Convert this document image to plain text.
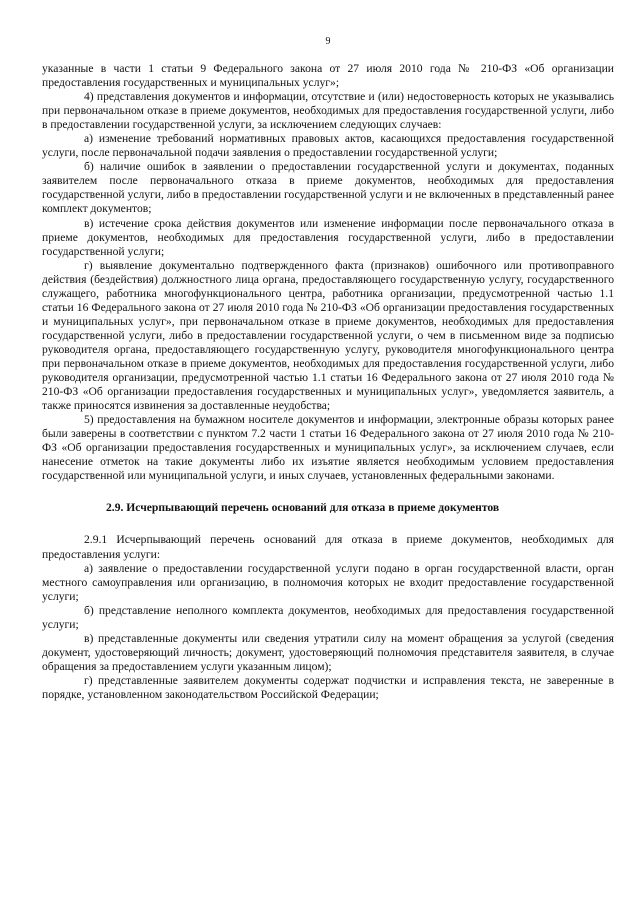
9

указанные в части 1 статьи 9 Федерального закона от 27 июля 2010 года № 210-ФЗ «Об организации предоставления государственных и муниципальных услуг»;

4) представления документов и информации, отсутствие и (или) недостоверность которых не указывались при первоначальном отказе в приеме документов, необходимых для предоставления государственной услуги, либо в предоставлении государственной услуги, за исключением следующих случаев:

а) изменение требований нормативных правовых актов, касающихся предоставления государственной услуги, после первоначальной подачи заявления о предоставлении государственной услуги;

б) наличие ошибок в заявлении о предоставлении государственной услуги и документах, поданных заявителем после первоначального отказа в приеме документов, необходимых для предоставления государственной услуги, либо в предоставлении государственной услуги и не включенных в представленный ранее комплект документов;

в) истечение срока действия документов или изменение информации после первоначального отказа в приеме документов, необходимых для предоставления государственной услуги, либо в предоставлении государственной услуги;

г) выявление документально подтвержденного факта (признаков) ошибочного или противоправного действия (бездействия) должностного лица органа, предоставляющего государственную услугу, государственного служащего, работника многофункционального центра, работника организации, предусмотренной частью 1.1 статьи 16 Федерального закона от 27 июля 2010 года № 210-ФЗ «Об организации предоставления государственных и муниципальных услуг», при первоначальном отказе в приеме документов, необходимых для предоставления государственной услуги, либо в предоставлении государственной услуги, о чем в письменном виде за подписью руководителя органа, предоставляющего государственную услугу, руководителя многофункционального центра при первоначальном отказе в приеме документов, необходимых для предоставления государственной услуги, либо руководителя организации, предусмотренной частью 1.1 статьи 16 Федерального закона от 27 июля 2010 года № 210-ФЗ «Об организации предоставления государственных и муниципальных услуг», уведомляется заявитель, а также приносятся извинения за доставленные неудобства;

5) предоставления на бумажном носителе документов и информации, электронные образы которых ранее были заверены в соответствии с пунктом 7.2 части 1 статьи 16 Федерального закона от 27 июля 2010 года № 210-ФЗ «Об организации предоставления государственных и муниципальных услуг», за исключением случаев, если нанесение отметок на такие документы либо их изъятие является необходимым условием предоставления государственной или муниципальной услуги, и иных случаев, установленных федеральными законами.

2.9. Исчерпывающий перечень оснований для отказа в приеме документов

2.9.1 Исчерпывающий перечень оснований для отказа в приеме документов, необходимых для предоставления услуги:

а) заявление о предоставлении государственной услуги подано в орган государственной власти, орган местного самоуправления или организацию, в полномочия которых не входит предоставление государственной услуги;

б) представление неполного комплекта документов, необходимых для предоставления государственной услуги;

в) представленные документы или сведения утратили силу на момент обращения за услугой (сведения документ, удостоверяющий личность; документ, удостоверяющий полномочия представителя заявителя, в случае обращения за предоставлением услуги указанным лицом);

г) представленные заявителем документы содержат подчистки и исправления текста, не заверенные в порядке, установленном законодательством Российской Федерации;
